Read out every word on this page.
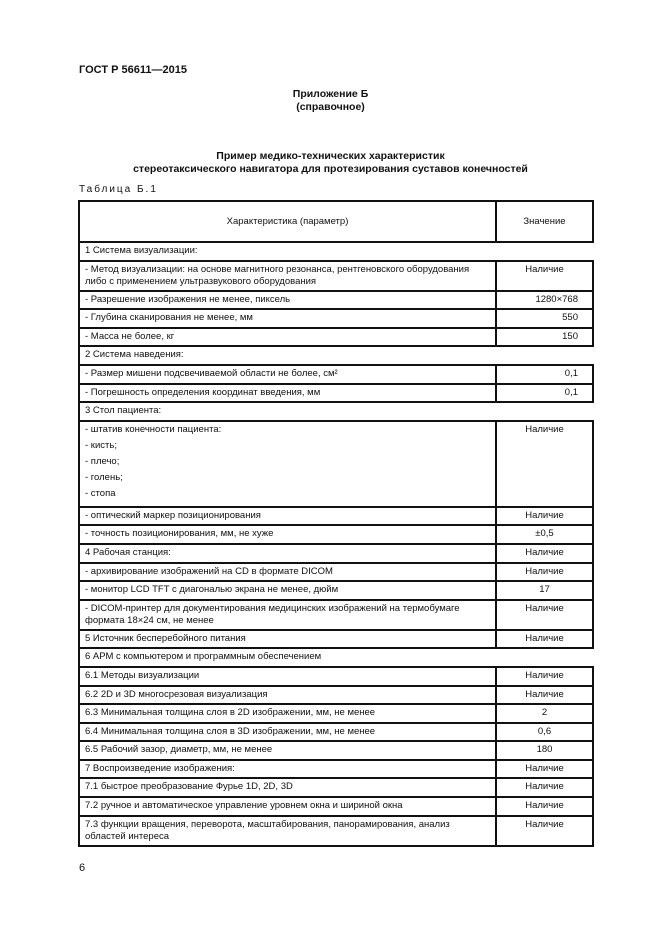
ГОСТ Р 56611—2015
Приложение Б
(справочное)
Пример медико-технических характеристик
стереотаксического навигатора для протезирования суставов конечностей
Таблица Б.1
Характеристика (параметр)	Значение
1 Система визуализации:	
- Метод визуализации: на основе магнитного резонанса, рентгеновского оборудования либо с применением ультразвукового оборудования	Наличие
- Разрешение изображения не менее, пиксель	1280×768
- Глубина сканирования не менее, мм	550
- Масса не более, кг	150
2 Система наведения:	
- Размер мишени подсвечиваемой области не более, см²	0,1
- Погрешность определения координат введения, мм	0,1
3 Стол пациента:	

- штатив конечности пациента:
- кисть;
- плечо;
- голень;
- стопа	Наличие
- оптический маркер позиционирования	Наличие
- точность позиционирования, мм, не хуже	±0,5
4 Рабочая станция:	Наличие
- архивирование изображений на CD в формате DICOM	Наличие
- монитор LCD TFT с диагональю экрана не менее, дюйм	17
- DICOM-принтер для документирования медицинских изображений на термобумаге формата 18×24 см, не менее	Наличие
5 Источник бесперебойного питания	Наличие
6 АРМ с компьютером и программным обеспечением	
6.1 Методы визуализации	Наличие
6.2 2D и 3D многосрезовая визуализация	Наличие
6.3 Минимальная толщина слоя в 2D изображении, мм, не менее	2
6.4 Минимальная толщина слоя в 3D изображении, мм, не менее	0,6
6.5 Рабочий зазор, диаметр, мм, не менее	180
7 Воспроизведение изображения:	Наличие
7.1 быстрое преобразование Фурье 1D, 2D, 3D	Наличие
7.2 ручное и автоматическое управление уровнем окна и шириной окна	Наличие
7.3 функции вращения, переворота, масштабирования, панорамирования, анализ областей интереса	Наличие
6
